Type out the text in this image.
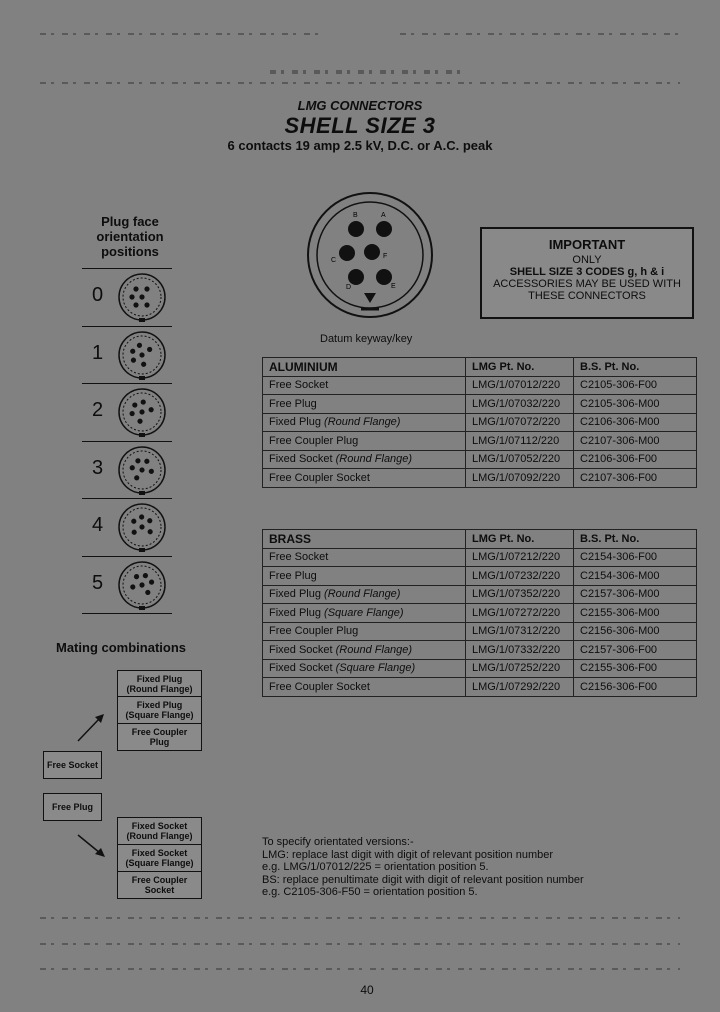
LMG CONNECTORS
SHELL SIZE 3
6 contacts 19 amp 2.5 kV, D.C. or A.C. peak
Plug face
orientation
positions
0
1
2
3
4
5
B	A
C
F
D	E
Datum keyway/key
IMPORTANT
ONLY
SHELL SIZE 3 CODES g, h & i
ACCESSORIES MAY BE USED WITH
THESE CONNECTORS
ALUMINIUM	LMG Pt. No.	B.S. Pt. No.
Free Socket	LMG/1/07012/220	C2105-306-F00
Free Plug	LMG/1/07032/220	C2105-306-M00
Fixed Plug (Round Flange)	LMG/1/07072/220	C2106-306-M00
Free Coupler Plug	LMG/1/07112/220	C2107-306-M00
Fixed Socket (Round Flange)	LMG/1/07052/220	C2106-306-F00
Free Coupler Socket	LMG/1/07092/220	C2107-306-F00
BRASS	LMG Pt. No.	B.S. Pt. No.
Free Socket	LMG/1/07212/220	C2154-306-F00
Free Plug	LMG/1/07232/220	C2154-306-M00
Fixed Plug (Round Flange)	LMG/1/07352/220	C2157-306-M00
Fixed Plug (Square Flange)	LMG/1/07272/220	C2155-306-M00
Free Coupler Plug	LMG/1/07312/220	C2156-306-M00
Fixed Socket (Round Flange)	LMG/1/07332/220	C2157-306-F00
Fixed Socket (Square Flange)	LMG/1/07252/220	C2155-306-F00
Free Coupler Socket	LMG/1/07292/220	C2156-306-F00
Mating combinations
Fixed Plug
(Round Flange)
Fixed Plug
(Square Flange)
Free Coupler
Plug
Free Socket
Free Plug
Fixed Socket
(Round Flange)
Fixed Socket
(Square Flange)
Free Coupler
Socket
To specify orientated versions:-
LMG: replace last digit with digit of relevant position number
e.g. LMG/1/07012/225 = orientation position 5.
BS: replace penultimate digit with digit of relevant position number
e.g. C2105-306-F50 = orientation position 5.
40
